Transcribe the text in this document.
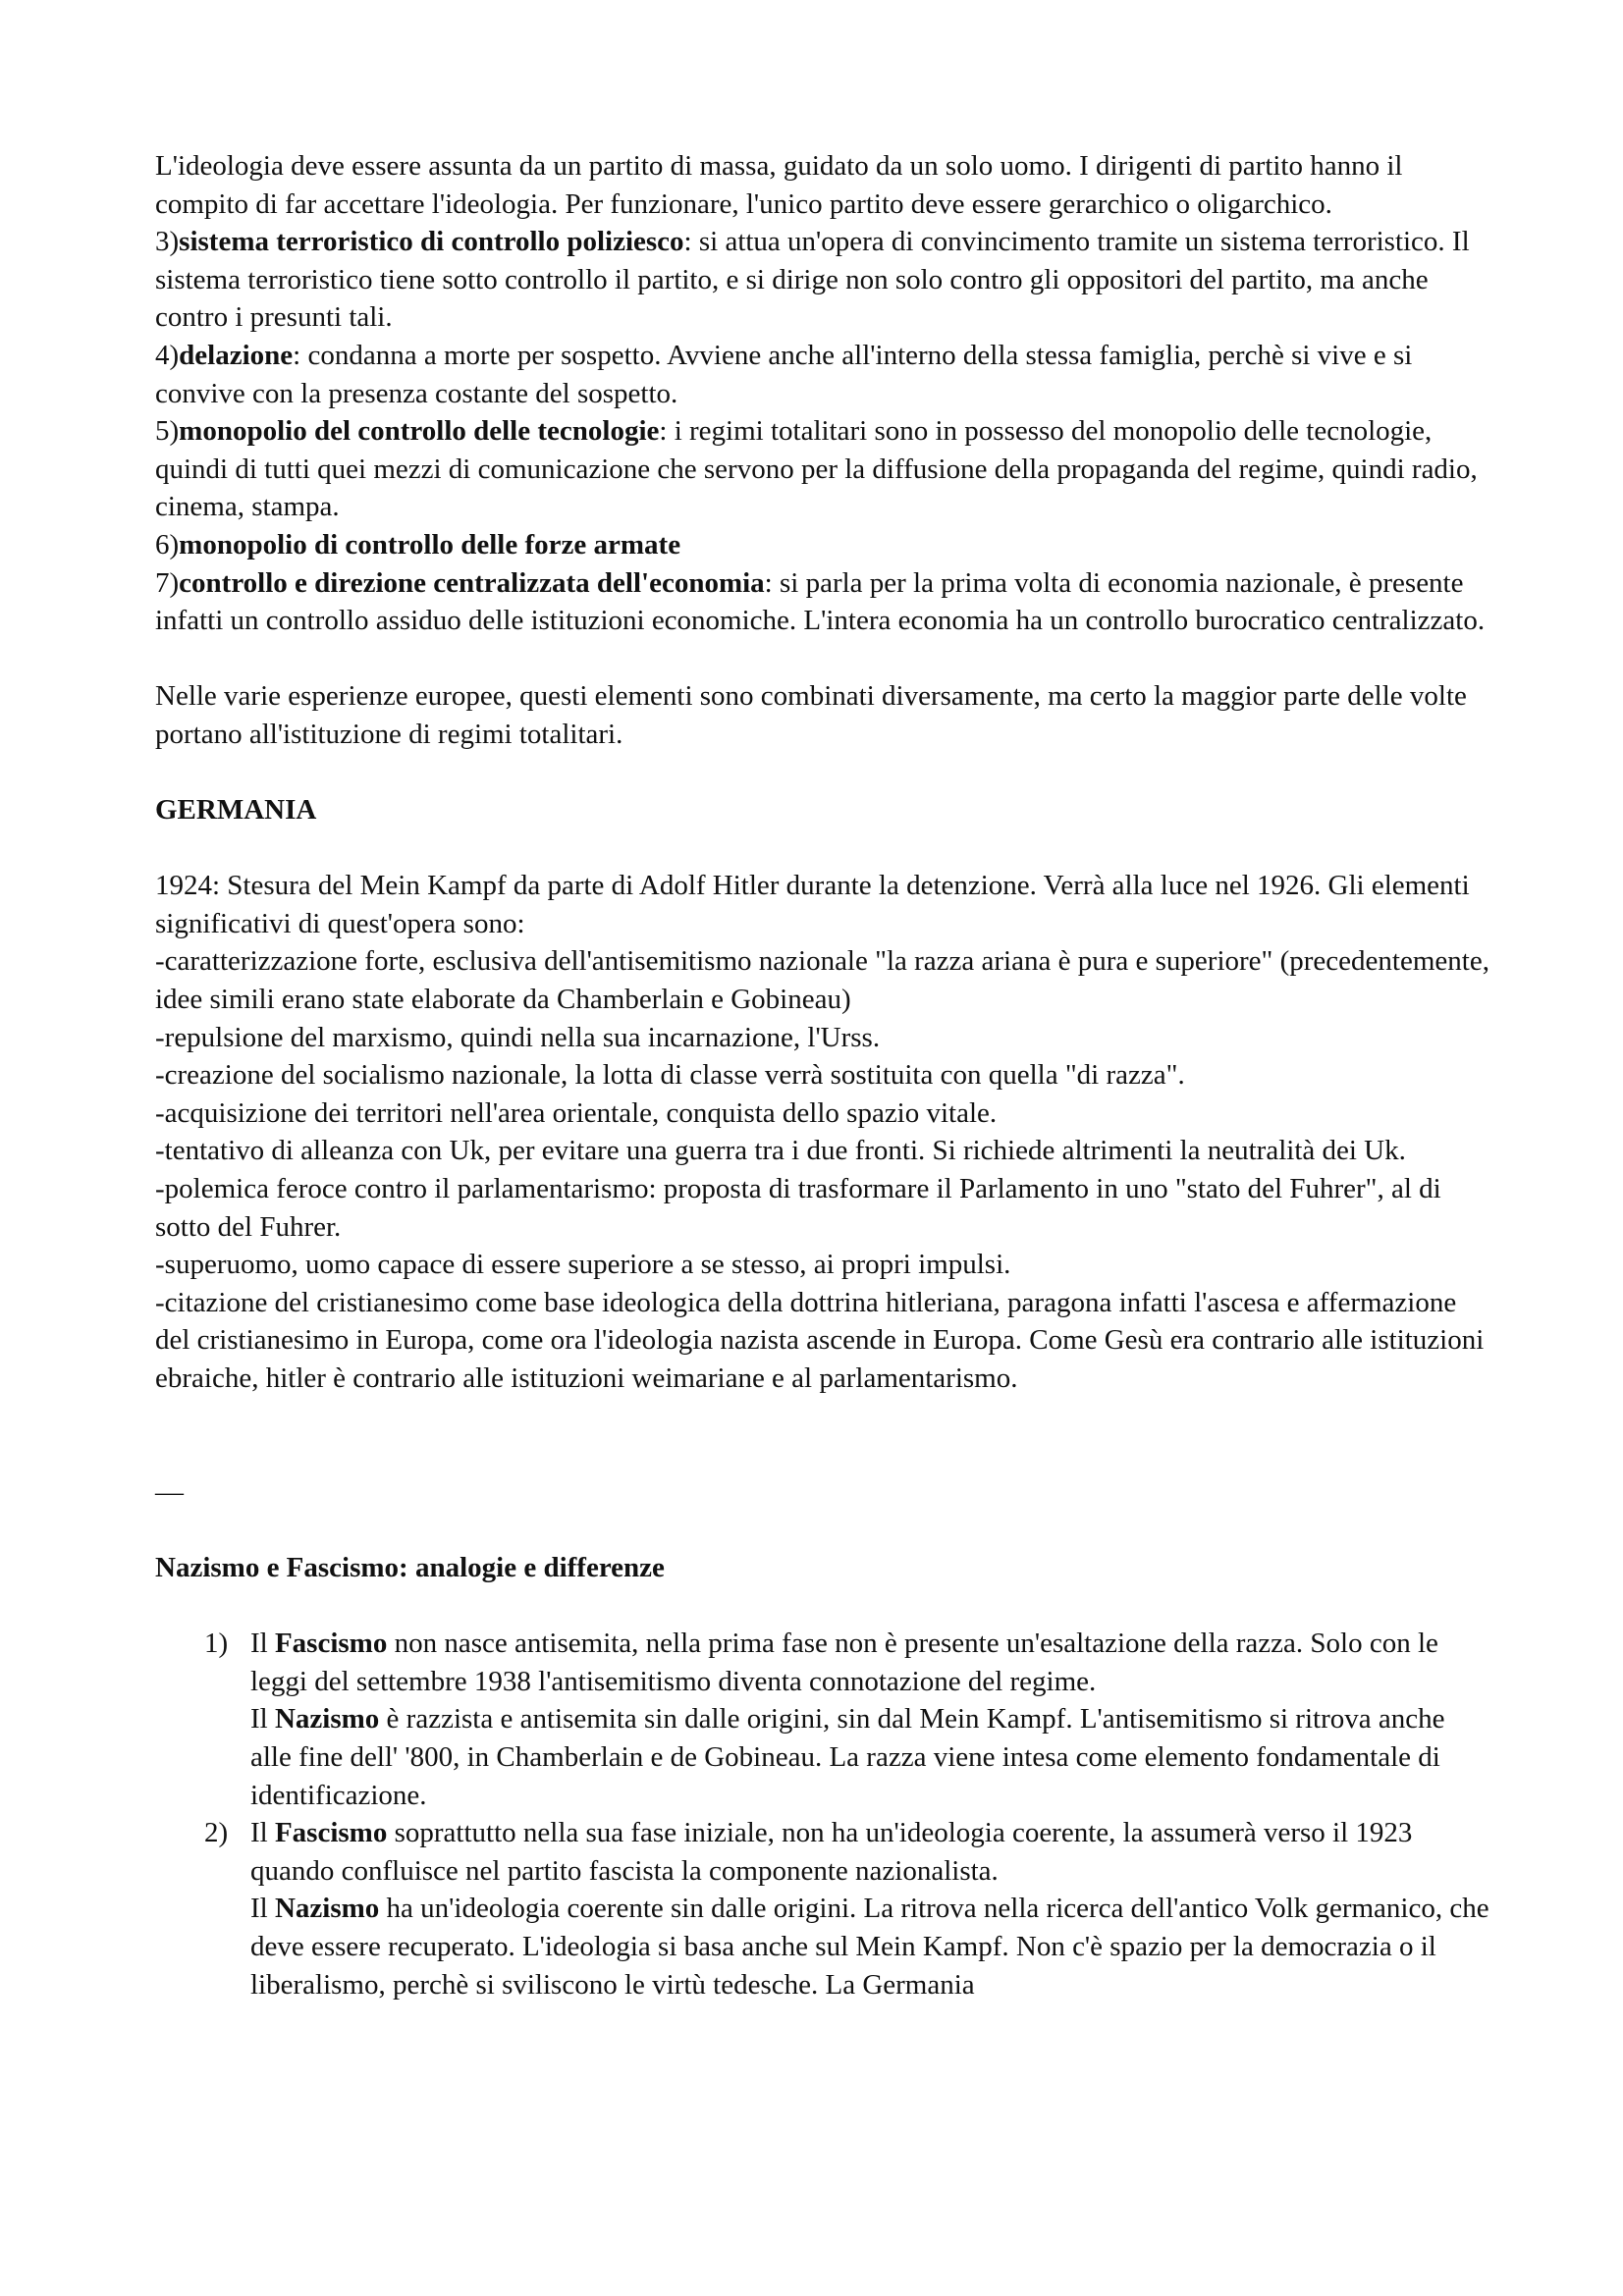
L'ideologia deve essere assunta da un partito di massa, guidato da un solo uomo. I dirigenti di partito hanno il compito di far accettare l'ideologia. Per funzionare, l'unico partito deve essere gerarchico o oligarchico.

3)sistema terroristico di controllo poliziesco: si attua un'opera di convincimento tramite un sistema terroristico. Il sistema terroristico tiene sotto controllo il partito, e si dirige non solo contro gli oppositori del partito, ma anche contro i presunti tali.

4)delazione: condanna a morte per sospetto. Avviene anche all'interno della stessa famiglia, perchè si vive e si convive con la presenza costante del sospetto.

5)monopolio del controllo delle tecnologie: i regimi totalitari sono in possesso del monopolio delle tecnologie, quindi di tutti quei mezzi di comunicazione che servono per la diffusione della propaganda del regime, quindi radio, cinema, stampa.

6)monopolio di controllo delle forze armate

7)controllo e direzione centralizzata dell'economia: si parla per la prima volta di economia nazionale, è presente infatti un controllo assiduo delle istituzioni economiche. L'intera economia ha un controllo burocratico centralizzato.

Nelle varie esperienze europee, questi elementi sono combinati diversamente, ma certo la maggior parte delle volte portano all'istituzione di regimi totalitari.

GERMANIA

1924: Stesura del Mein Kampf da parte di Adolf Hitler durante la detenzione. Verrà alla luce nel 1926. Gli elementi significativi di quest'opera sono:

-caratterizzazione forte, esclusiva dell'antisemitismo nazionale "la razza ariana è pura e superiore" (precedentemente, idee simili erano state elaborate da Chamberlain e Gobineau)

-repulsione del marxismo, quindi nella sua incarnazione, l'Urss.

-creazione del socialismo nazionale, la lotta di classe verrà sostituita con quella "di razza".

-acquisizione dei territori nell'area orientale, conquista dello spazio vitale.

-tentativo di alleanza con Uk, per evitare una guerra tra i due fronti. Si richiede altrimenti la neutralità dei Uk.

-polemica feroce contro il parlamentarismo: proposta di trasformare il Parlamento in uno "stato del Fuhrer", al di sotto del Fuhrer.

-superuomo, uomo capace di essere superiore a se stesso, ai propri impulsi.

-citazione del cristianesimo come base ideologica della dottrina hitleriana, paragona infatti l'ascesa e affermazione del cristianesimo in Europa, come ora l'ideologia nazista ascende in Europa. Come Gesù era contrario alle istituzioni ebraiche, hitler è contrario alle istituzioni weimariane e al parlamentarismo.

—

Nazismo e Fascismo: analogie e differenze

1) Il Fascismo non nasce antisemita, nella prima fase non è presente un'esaltazione della razza. Solo con le leggi del settembre 1938 l'antisemitismo diventa connotazione del regime.

Il Nazismo è razzista e antisemita sin dalle origini, sin dal Mein Kampf. L'antisemitismo si ritrova anche alle fine dell' '800, in Chamberlain e de Gobineau. La razza viene intesa come elemento fondamentale di identificazione.

2) Il Fascismo soprattutto nella sua fase iniziale, non ha un'ideologia coerente, la assumerà verso il 1923 quando confluisce nel partito fascista la componente nazionalista.

Il Nazismo ha un'ideologia coerente sin dalle origini. La ritrova nella ricerca dell'antico Volk germanico, che deve essere recuperato. L'ideologia si basa anche sul Mein Kampf. Non c'è spazio per la democrazia o il liberalismo, perchè si sviliscono le virtù tedesche. La Germania
